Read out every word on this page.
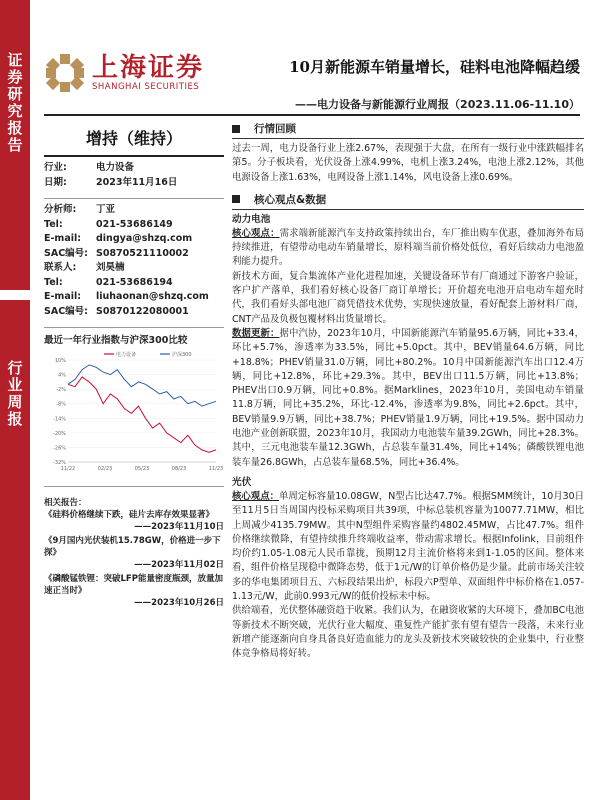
证券研究报告
行业周报
上海证券
SHANGHAI SECURITIES
10月新能源车销量增长，硅料电池降幅趋缓
——电力设备与新能源行业周报（2023.11.06-11.10）
增持（维持）
行业:	电力设备
日期:	2023年11月16日
分析师:	丁亚
Tel:	021-53686149
E-mail:	dingya@shzq.com
SAC编号: S0870521110002
联系人:	刘昊楠
Tel:	021-53686194
E-mail:	liuhaonan@shzq.com
SAC编号: S0870122080001
最近一年行业指数与沪深300比较
10%
4%
-2%
-8%
-14%
-20%
-26%
-32%
11/22	02/23	05/23	08/23	11/23
电力设备	沪深300
相关报告：
《硅料价格继续下跌，硅片去库存效果显著》
——2023年11月10日
《9月国内光伏装机15.78GW，价格进一步下探》
——2023年11月02日
《磷酸锰铁锂：突破LFP能量密度瓶颈，放量加速正当时》
——2023年10月26日
行情回顾

过去一周，电力设备行业上涨2.67%，表现强于大盘，在所有一级行业中涨跌幅排名第5。分子板块看，光伏设备上涨4.99%，电机上涨3.24%，电池上涨2.12%，其他电源设备上涨1.63%，电网设备上涨1.14%，风电设备上涨0.69%。

核心观点&数据
动力电池

核心观点：需求端新能源汽车支持政策持续出台，车厂推出购车优惠，叠加海外布局持续推进，有望带动电动车销量增长，原料端当前价格处低位，看好后续动力电池盈利能力提升。

新技术方面，复合集流体产业化进程加速，关键设备环节有厂商通过下游客户验证，客户扩产落单，我们看好核心设备厂商订单增长；开价超充电池开启电动车超充时代，我们看好头部电池厂商凭借技术优势，实现快速放量，看好配套上游材料厂商，CNT产品及负极包覆材料出货量增长。

数据更新：据中汽协，2023年10月，中国新能源汽车销量95.6万辆，同比+33.4，环比+5.7%，渗透率为33.5%，同比+5.0pct。其中，BEV销量64.6万辆，同比+18.8%；PHEV销量31.0万辆，同比+80.2%。10月中国新能源汽车出口12.4万辆，同比+12.8%，环比+29.3%。其中，BEV出口11.5万辆，同比+13.8%；PHEV出口0.9万辆，同比+0.8%。据Marklines，2023年10月，美国电动车销量11.8万辆，同比+35.2%，环比-12.4%，渗透率为9.8%，同比+2.6pct。其中，BEV销量9.9万辆，同比+38.7%；PHEV销量1.9万辆，同比+19.5%。据中国动力电池产业创新联盟，2023年10月，我国动力电池装车量39.2GWh，同比+28.3%。其中，三元电池装车量12.3GWh，占总装车量31.4%，同比+14%；磷酸铁锂电池装车量26.8GWh，占总装车量68.5%，同比+36.4%。

光伏

核心观点：单周定标容量10.08GW，N型占比达47.7%。根据SMM统计，10月30日至11月5日当周国内投标采购项目共39项，中标总装机容量为10077.71MW，相比上周减少4135.79MW。其中N型组件采购容量约4802.45MW，占比47.7%。组件价格继续微降，有望持续推升终端收益率，带动需求增长。根据Infolink，目前组件均价约1.05-1.08元人民币靠拢，预期12月主流价格将来到1-1.05的区间。整体来看，组件价格呈现稳中微降态势，低于1元/W的订单价格仍是少量。此前市场关注较多的华电集团项目五、六标段结果出炉，标段六P型单、双面组件中标价格在1.057-1.13元/W，此前0.993元/W的低价投标未中标。

供给端看，光伏整体融资趋于收紧。我们认为，在融资收紧的大环境下，叠加BC电池等新技术不断突破，光伏行业大幅度、重复性产能扩张有望有望告一段落，未来行业新增产能逐渐向自身具备良好造血能力的龙头及新技术突破较快的企业集中，行业整体竞争格局将好转。
